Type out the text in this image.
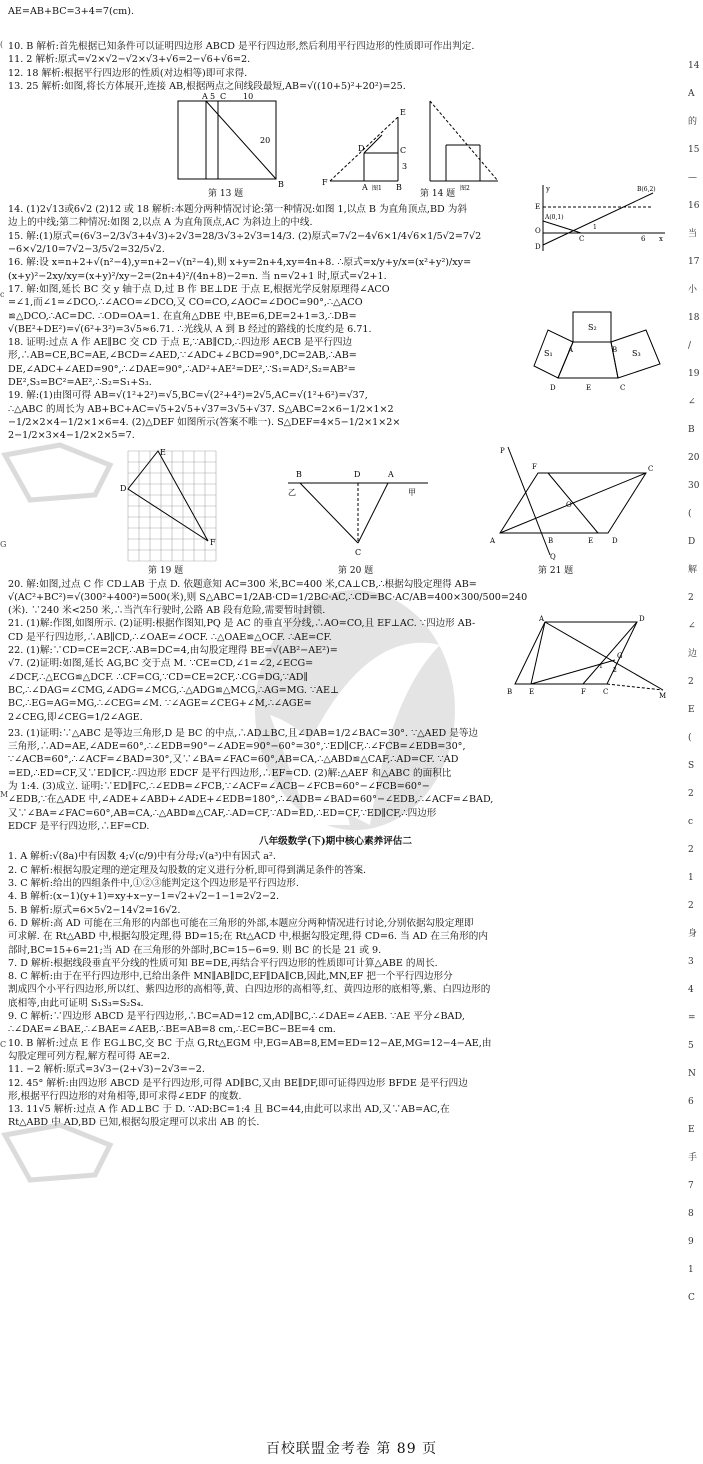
AE=AB+BC=3+4=7(cm).
10. B 解析:首先根据已知条件可以证明四边形 ABCD 是平行四边形,然后利用平行四边形的性质即可作出判定.
11. 2 解析:原式=√2×√2−√2×√3+√6=2−√6+√6=2.
12. 18 解析:根据平行四边形的性质(对边相等)即可求得.
13. 25 解析:如图,将长方体展开,连接 AB,根据两点之间线段最短,AB=√((10+5)²+20²)=25.
A 5 C 10
20
B
第 13 题
E
D	C
F
A	B
3
图1	图2
第 14 题
14. (1)2√13或6√2 (2)12 或 18 解析:本题分两种情况讨论:第一种情况:如图 1,以点 B 为直角顶点,BD 为斜
边上的中线;第二种情况:如图 2,以点 A 为直角顶点,AC 为斜边上的中线.
15. 解:(1)原式=(6√3−2/3√3+4√3)÷2√3=28/3√3÷2√3=14/3. (2)原式=7√2−4√6×1/4√6×1/5√2=7√2
−6×√2/10=7√2−3/5√2=32/5√2.
16. 解:设 x=n+2+√(n²−4),y=n+2−√(n²−4),则 x+y=2n+4,xy=4n+8. ∴原式=x/y+y/x=(x²+y²)/xy=
(x+y)²−2xy/xy=(x+y)²/xy−2=(2n+4)²/(4n+8)−2=n. 当 n=√2+1 时,原式=√2+1.
17. 解:如图,延长 BC 交 y 轴于点 D,过 B 作 BE⊥DE 于点 E,根据光学反射原理得∠ACO
=∠1,而∠1=∠DCO,∴∠ACO=∠DCO,又 CO=CO,∠AOC=∠DOC=90°,∴△ACO
≌△DCO,∴AC=DC. ∴OD=OA=1. 在直角△DBE 中,BE=6,DE=2+1=3,∴DB=
√(BE²+DE²)=√(6²+3²)=3√5≈6.71. ∴光线从 A 到 B 经过的路线的长度约是 6.71.
18. 证明:过点 A 作 AE∥BC 交 CD 于点 E,∵AB∥CD,∴四边形 AECB 是平行四边
形,∴AB=CE,BC=AE,∠BCD=∠AED,∵∠ADC+∠BCD=90°,DC=2AB,∴AB=
DE,∠ADC+∠AED=90°,∴∠DAE=90°,∴AD²+AE²=DE²,∵S₁=AD²,S₂=AB²=
DE²,S₃=BC²=AE²,∴S₂=S₁+S₃.
19. 解:(1)由图可得 AB=√(1²+2²)=√5,BC=√(2²+4²)=2√5,AC=√(1²+6²)=√37,
∴△ABC 的周长为 AB+BC+AC=√5+2√5+√37=3√5+√37. S△ABC=2×6−1/2×1×2
−1/2×2×4−1/2×1×6=4. (2)△DEF 如图所示(答案不唯一). S△DEF=4×5−1/2×1×2×
2−1/2×3×4−1/2×2×5=7.
y
E
A(0,1)
B(6,2)
O	1
C	6 x
D
S₂
S₁	S₃
A	B
D	E	C
E
D
F
第 19 题
B	D	A
乙	甲
C
第 20 题
P
F
A
C
D
O
E
B
Q
第 21 题
20. 解:如图,过点 C 作 CD⊥AB 于点 D. 依题意知 AC=300 米,BC=400 米,CA⊥CB,∴根据勾股定理得 AB=
√(AC²+BC²)=√(300²+400²)=500(米),则 S△ABC=1/2AB·CD=1/2BC·AC,∴CD=BC·AC/AB=400×300/500=240
(米). ∵240 米<250 米,∴当汽车行驶时,公路 AB 段有危险,需要暂时封锁.
21. (1)解:作图,如图所示. (2)证明:根据作图知,PQ 是 AC 的垂直平分线,∴AO=CO,且 EF⊥AC. ∵四边形 AB-
CD 是平行四边形,∴AB∥CD,∴∠OAE=∠OCF. ∴△OAE≌△OCF. ∴AE=CF.
22. (1)解:∵CD=CE=2CF,∴AB=DC=4,由勾股定理得 BE=√(AB²−AE²)=
√7. (2)证明:如图,延长 AG,BC 交于点 M. ∵CE=CD,∠1=∠2,∠ECG=
∠DCF,∴△ECG≌△DCF. ∴CF=CG,∵CD=CE=2CF,∴CG=DG,∵AD∥
BC,∴∠DAG=∠CMG,∠ADG=∠MCG,∴△ADG≌△MCG,∴AG=MG. ∵AE⊥
BC,∴EG=AG=MG,∴∠CEG=∠M. ∵∠AGE=∠CEG+∠M,∴∠AGE=
2∠CEG,即∠CEG=1/2∠AGE.
A	D
G
1
2
B E	F C	M
23. (1)证明:∵△ABC 是等边三角形,D 是 BC 的中点,∴AD⊥BC,且∠DAB=1/2∠BAC=30°. ∵△AED 是等边
三角形,∴AD=AE,∠ADE=60°,∴∠EDB=90°−∠ADE=90°−60°=30°,∵ED∥CF,∴∠FCB=∠EDB=30°,
∵∠ACB=60°,∴∠ACF=∠BAD=30°,又∵∠BA=∠FAC=60°,AB=CA,∴△ABD≌△CAF,∴AD=CF. ∵AD
=ED,∴ED=CF,又∵ED∥CF,∴四边形 EDCF 是平行四边形,∴EF=CD. (2)解:△AEF 和△ABC 的面积比
为 1:4. (3)成立. 证明:∵ED∥FC,∴∠EDB=∠FCB,∵∠ACF=∠ACB−∠FCB=60°−∠FCB=60°−
∠EDB,∵在△ADE 中,∠ADE+∠ABD+∠ADE+∠EDB=180°,∴∠ADB=∠BAD=60°−∠EDB,∴∠ACF=∠BAD,
又∵∠BA=∠FAC=60°,AB=CA,∴△ABD≌△CAF,∴AD=CF,∵AD=ED,∴ED=CF,∵ED∥CF,∴四边形
EDCF 是平行四边形,∴EF=CD.
八年级数学(下)期中核心素养评估二
1. A 解析:√(8a)中有因数 4;√(c/9)中有分母;√(a³)中有因式 a².
2. C 解析:根据勾股定理的逆定理及勾股数的定义进行分析,即可得到满足条件的答案.
3. C 解析:给出的四组条件中,①②③能判定这个四边形是平行四边形.
4. B 解析:(x−1)(y+1)=xy+x−y−1=√2+√2−1−1=2√2−2.
5. B 解析:原式=6×5√2−14√2=16√2.
6. D 解析:高 AD 可能在三角形的内部也可能在三角形的外部,本题应分两种情况进行讨论,分别依据勾股定理即
可求解. 在 Rt△ABD 中,根据勾股定理,得 BD=15;在 Rt△ACD 中,根据勾股定理,得 CD=6. 当 AD 在三角形的内
部时,BC=15+6=21;当 AD 在三角形的外部时,BC=15−6=9. 则 BC 的长是 21 或 9.
7. D 解析:根据线段垂直平分线的性质可知 BE=DE,再结合平行四边形的性质即可计算△ABE 的周长.
8. C 解析:由于在平行四边形中,已给出条件 MN∥AB∥DC,EF∥DA∥CB,因此,MN,EF 把一个平行四边形分
割成四个小平行四边形,所以红、紫四边形的高相等,黄、白四边形的高相等,红、黄四边形的底相等,紫、白四边形的
底相等,由此可证明 S₁S₃=S₂S₄.
9. C 解析:∵四边形 ABCD 是平行四边形,∴BC=AD=12 cm,AD∥BC,∴∠DAE=∠AEB. ∵AE 平分∠BAD,
∴∠DAE=∠BAE,∴∠BAE=∠AEB,∴BE=AB=8 cm,∴EC=BC−BE=4 cm.
10. B 解析:过点 E 作 EG⊥BC,交 BC 于点 G,Rt△EGM 中,EG=AB=8,EM=ED=12−AE,MG=12−4−AE,由
勾股定理可列方程,解方程可得 AE=2.
11. −2 解析:原式=3√3−(2+√3)−2√3=−2.
12. 45° 解析:由四边形 ABCD 是平行四边形,可得 AD∥BC,又由 BE∥DF,即可证得四边形 BFDE 是平行四边
形,根据平行四边形的对角相等,即可求得∠EDF 的度数.
13. 11√5 解析:过点 A 作 AD⊥BC 于 D. ∵AD:BC=1:4 且 BC=44,由此可以求出 AD,又∵AB=AC,在
Rt△ABD 中 AD,BD 已知,根据勾股定理可以求出 AB 的长.
(
c
G
M
C
14
A
的
15
—
16
当
17
小
18
/
19
∠
B
20
30
(
D
解
2
∠
边
2
E
(
S
2
c
2
1
2
身
3
4
=
5
N
6
E
手
7
8
9
1
C
百校联盟金考卷 第 89 页
